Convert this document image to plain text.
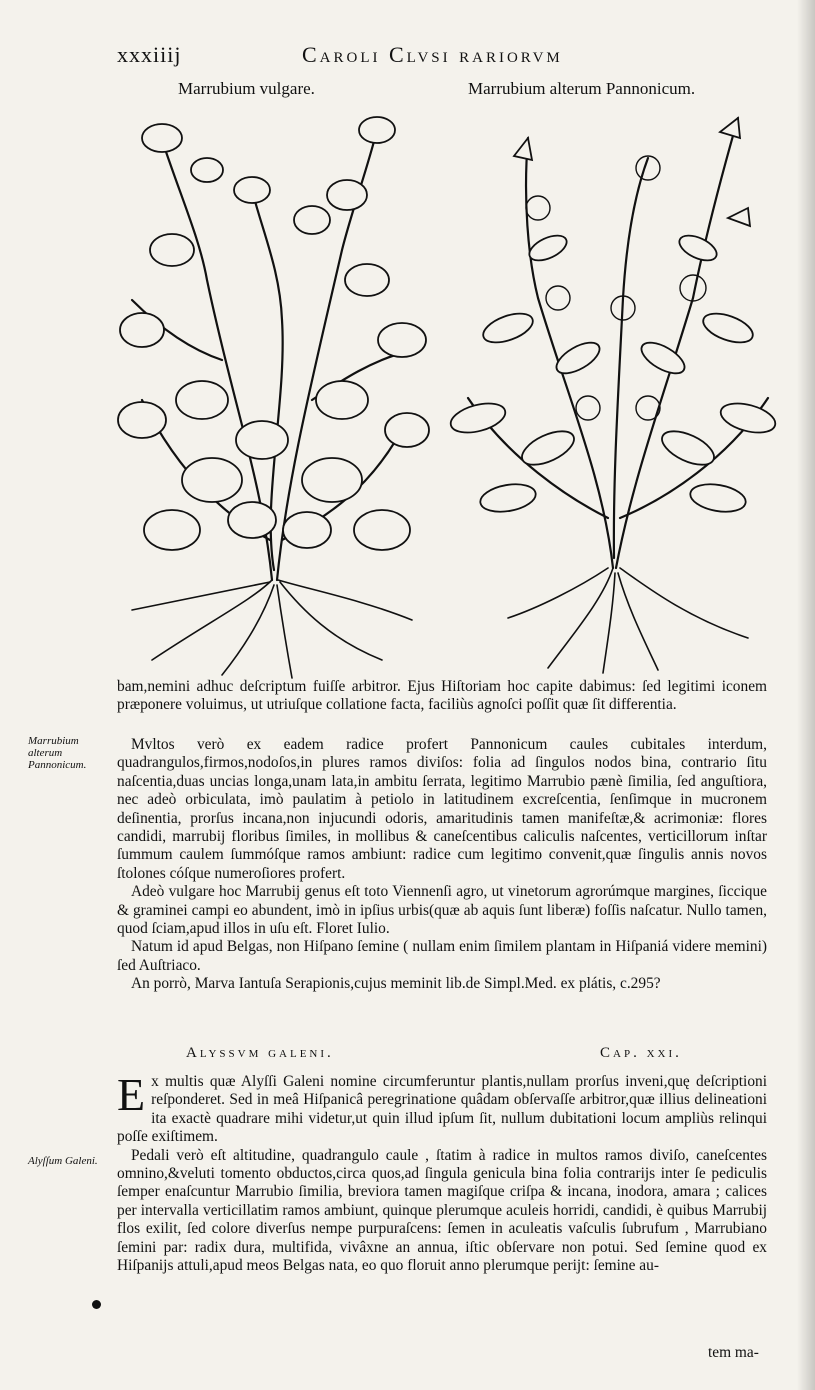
xxxiiij	Caroli Clvsi rariorvm
Marrubium vulgare.	Marrubium alterum Pannonicum.

bam,nemini adhuc deſcriptum fuiſſe arbitror. Ejus Hiſtoriam hoc capite dabimus: ſed legitimi iconem præponere voluimus, ut utriuſque collatione facta, faciliùs agnoſci poſſit quæ ſit differentia.

Marrubium alterum Pannonicum.

Mvltos verò ex eadem radice profert Pannonicum caules cubitales interdum, quadrangulos,firmos,nodoſos,in plures ramos diviſos: folia ad ſingulos nodos bina, contrario ſitu naſcentia,duas uncias longa,unam lata,in ambitu ſerrata, legitimo Marrubio pænè ſimilia, ſed anguſtiora, nec adeò orbiculata, imò paulatim à petiolo in latitudinem excreſcentia, ſenſimque in mucronem deſinentia, prorſus incana,non injucundi odoris, amaritudinis tamen manifeſtæ,& acrimoniæ: flores candidi, marrubij floribus ſimiles, in mollibus & caneſcentibus caliculis naſcentes, verticillorum inſtar ſummum caulem ſummóſque ramos ambiunt: radice cum legitimo convenit,quæ ſingulis annis novos ſtolones cóſque numeroſiores profert.

Adeò vulgare hoc Marrubij genus eſt toto Viennenſi agro, ut vinetorum agrorúmque margines, ſiccique & graminei campi eo abundent, imò in ipſius urbis(quæ ab aquis ſunt liberæ) foſſis naſcatur. Nullo tamen, quod ſciam,apud illos in uſu eſt. Floret Iulio.

Natum id apud Belgas, non Hiſpano ſemine ( nullam enim ſimilem plantam in Hiſpaniá videre memini) ſed Auſtriaco.

An porrò, Marva Iantuſa Serapionis,cujus meminit lib.de Simpl.Med. ex plátis, c.295?

Alyssvm galeni.	Cap. xxi.
Alyſſum Galeni.

Ex multis quæ Alyſſi Galeni nomine circumferuntur plantis,nullam prorſus inveni,quę deſcriptioni reſponderet. Sed in meâ Hiſpanicâ peregrinatione quâdam obſervaſſe arbitror,quæ illius delineationi ita exactè quadrare mihi videtur,ut quin illud ipſum ſit, nullum dubitationi locum ampliùs relinqui poſſe exiſtimem.

Pedali verò eſt altitudine, quadrangulo caule , ſtatim à radice in multos ramos diviſo, caneſcentes omnino,&veluti tomento obductos,circa quos,ad ſingula genicula bina folia contrarijs inter ſe pediculis ſemper enaſcuntur Marrubio ſimilia, breviora tamen magiſque criſpa & incana, inodora, amara ; calices per intervalla verticillatim ramos ambiunt, quinque plerumque aculeis horridi, candidi, è quibus Marrubij flos exilit, ſed colore diverſus nempe purpuraſcens: ſemen in aculeatis vaſculis ſubrufum , Marrubiano ſemini par: radix dura, multifida, vivâxne an annua, iſtic obſervare non potui. Sed ſemine quod ex Hiſpanijs attuli,apud meos Belgas nata, eo quo floruit anno plerumque perijt: ſemine au-

tem ma-
